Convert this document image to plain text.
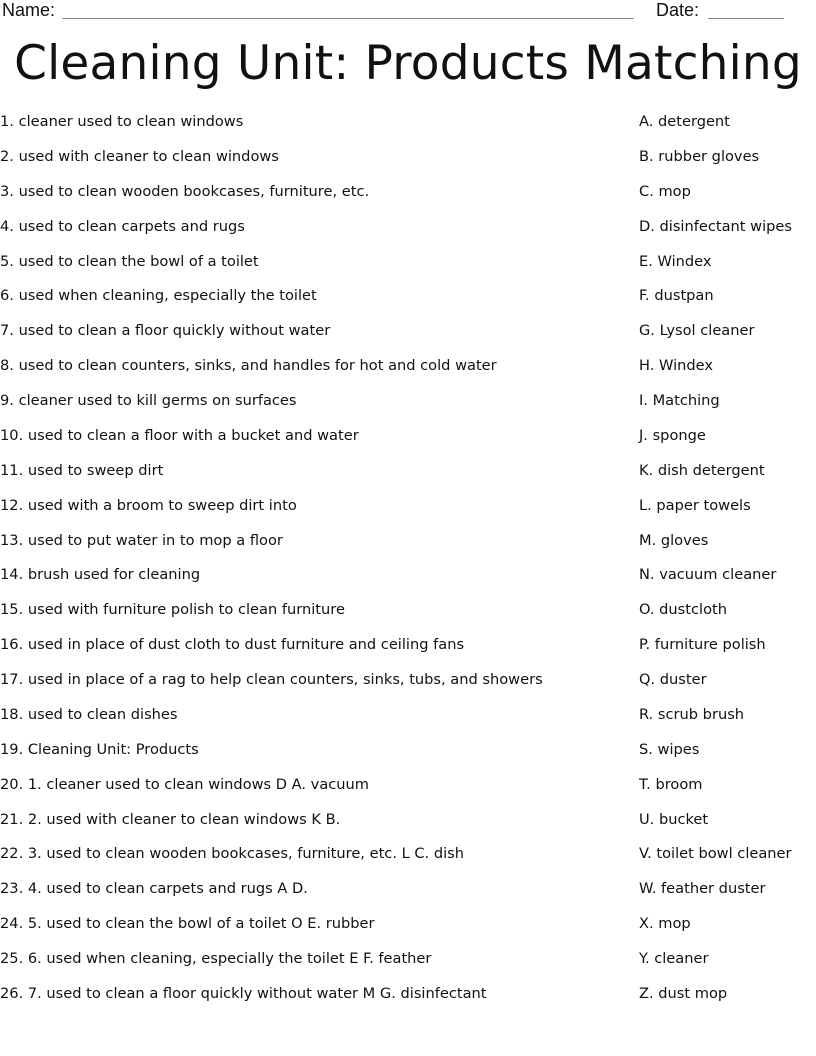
Name:	Date:
Cleaning Unit: Products Matching
1. cleaner used to clean windows
2. used with cleaner to clean windows
3. used to clean wooden bookcases, furniture, etc.
4. used to clean carpets and rugs
5. used to clean the bowl of a toilet
6. used when cleaning, especially the toilet
7. used to clean a floor quickly without water
8. used to clean counters, sinks, and handles for hot and cold water
9. cleaner used to kill germs on surfaces
10. used to clean a floor with a bucket and water
11. used to sweep dirt
12. used with a broom to sweep dirt into
13. used to put water in to mop a floor
14. brush used for cleaning
15. used with furniture polish to clean furniture
16. used in place of dust cloth to dust furniture and ceiling fans
17. used in place of a rag to help clean counters, sinks, tubs, and showers
18. used to clean dishes
19. Cleaning Unit: Products
20. 1. cleaner used to clean windows D A. vacuum
21. 2. used with cleaner to clean windows K B.
22. 3. used to clean wooden bookcases, furniture, etc. L C. dish
23. 4. used to clean carpets and rugs A D.
24. 5. used to clean the bowl of a toilet O E. rubber
25. 6. used when cleaning, especially the toilet E F. feather
26. 7. used to clean a floor quickly without water M G. disinfectant
A. detergent
B. rubber gloves
C. mop
D. disinfectant wipes
E. Windex
F. dustpan
G. Lysol cleaner
H. Windex
I. Matching
J. sponge
K. dish detergent
L. paper towels
M. gloves
N. vacuum cleaner
O. dustcloth
P. furniture polish
Q. duster
R. scrub brush
S. wipes
T. broom
U. bucket
V. toilet bowl cleaner
W. feather duster
X. mop
Y. cleaner
Z. dust mop
